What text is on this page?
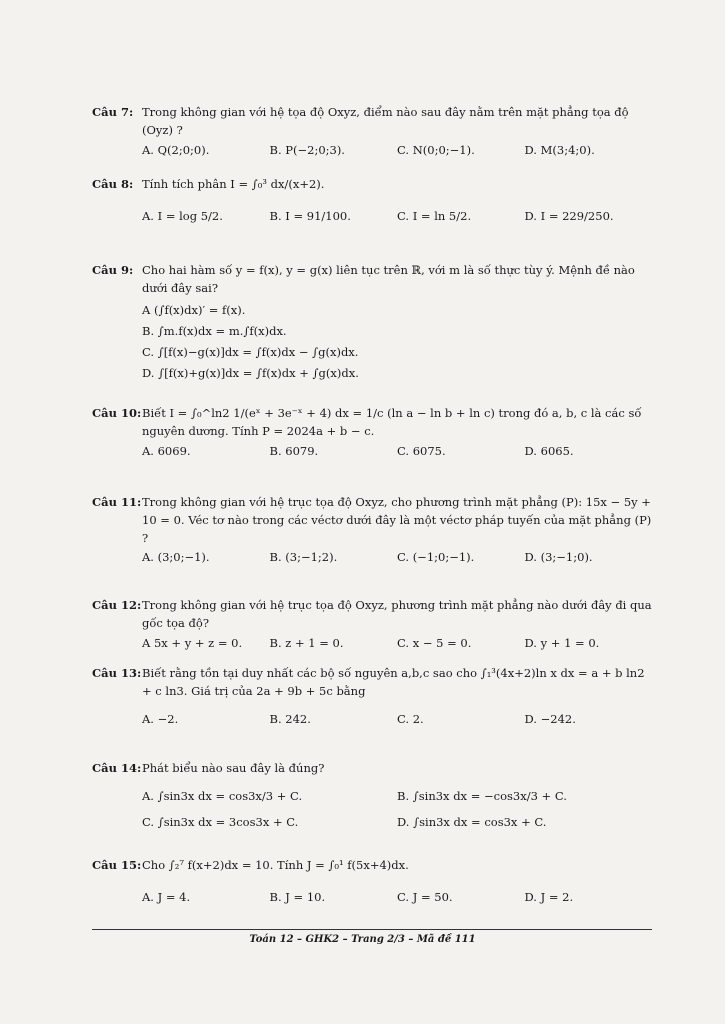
Câu 7: Trong không gian với hệ tọa độ Oxyz, điểm nào sau đây nằm trên mặt phẳng tọa độ (Oyz) ?
A. Q(2;0;0).	B. P(−2;0;3).	C. N(0;0;−1).	D. M(3;4;0).
Câu 8: Tính tích phân I = ∫₀³ dx/(x+2).
A. I = log 5/2.	B. I = 91/100.	C. I = ln 5/2.	D. I = 229/250.
Câu 9: Cho hai hàm số y = f(x), y = g(x) liên tục trên ℝ, với m là số thực tùy ý. Mệnh đề nào dưới đây sai?
A (∫f(x)dx)′ = f(x).
B. ∫m.f(x)dx = m.∫f(x)dx.
C. ∫[f(x)−g(x)]dx = ∫f(x)dx − ∫g(x)dx.
D. ∫[f(x)+g(x)]dx = ∫f(x)dx + ∫g(x)dx.
Câu 10: Biết I = ∫₀^ln2 1/(eˣ + 3e⁻ˣ + 4) dx = 1/c (ln a − ln b + ln c) trong đó a, b, c là các số nguyên dương. Tính P = 2024a + b − c.
A. 6069.	B. 6079.	C. 6075.	D. 6065.
Câu 11: Trong không gian với hệ trục tọa độ Oxyz, cho phương trình mặt phẳng (P): 15x − 5y + 10 = 0. Véc tơ nào trong các véctơ dưới đây là một véctơ pháp tuyến của mặt phẳng (P) ?
A. (3;0;−1).	B. (3;−1;2).	C. (−1;0;−1).	D. (3;−1;0).
Câu 12: Trong không gian với hệ trục tọa độ Oxyz, phương trình mặt phẳng nào dưới đây đi qua gốc tọa độ?
A 5x + y + z = 0.	B. z + 1 = 0.	C. x − 5 = 0.	D. y + 1 = 0.
Câu 13: Biết rằng tồn tại duy nhất các bộ số nguyên a,b,c sao cho ∫₁³(4x+2)ln x dx = a + b ln2 + c ln3. Giá trị của 2a + 9b + 5c bằng
A. −2.	B. 242.	C. 2.	D. −242.
Câu 14: Phát biểu nào sau đây là đúng?
A. ∫sin3x dx = cos3x/3 + C.	B. ∫sin3x dx = −cos3x/3 + C.
C. ∫sin3x dx = 3cos3x + C.	D. ∫sin3x dx = cos3x + C.
Câu 15: Cho ∫₂⁷ f(x+2)dx = 10. Tính J = ∫₀¹ f(5x+4)dx.
A. J = 4.	B. J = 10.	C. J = 50.	D. J = 2.
Toán 12 – GHK2 – Trang 2/3 – Mã đề 111
